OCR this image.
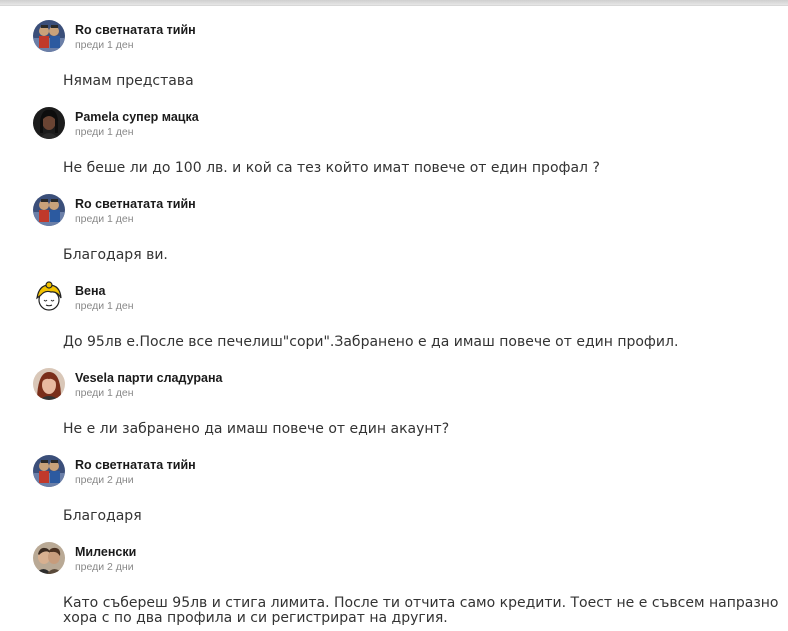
Ro светнатата тийн
преди 1 ден
Нямам представа
Pamela супер мацка
преди 1 ден
Не беше ли до 100 лв. и кой са тез който имат повече от един профал ?
Ro светнатата тийн
преди 1 ден
Благодаря ви.
Вена
преди 1 ден
До 95лв е.После все печелиш"сори".Забранено е да имаш повече от един профил.
Vesela парти сладурана
преди 1 ден
Не е ли забранено да имаш повече от един акаунт?
Ro светнатата тийн
преди 2 дни
Благодаря
Миленски
преди 2 дни
Като събереш 95лв и стига лимита. После ти отчита само кредити. Тоест не е съвсем напразно
хора с по два профила и си регистрират на другия.
